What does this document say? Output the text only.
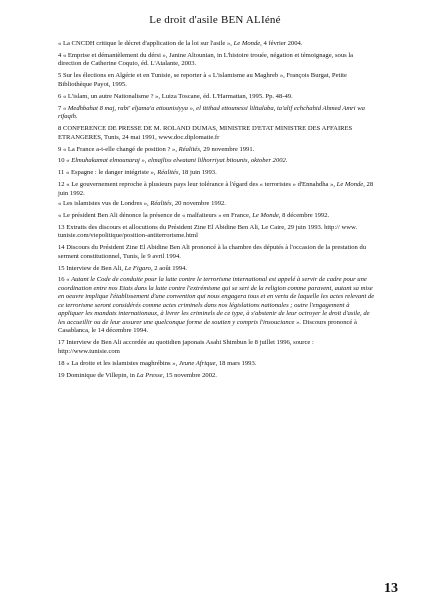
Le droit d'asile BEN ALIéné

« La CNCDH critique le décret d'application de la loi sur l'asile », Le Monde, 4 février 2004.

4 « Emprise et démantèlement du dérsi », Janine Altounian, in L'histoire trouée, négation et témoignage, sous la direction de Catherine Coquio, éd. L'Atalante, 2003.

5 Sur les élections en Algérie et en Tunisie, se reporter à « L'islamisme au Maghreb », François Burgat, Petite Bibliothèque Payot, 1995.

6 « L'islam, un autre Nationalisme ? », Luiza Toscane, éd. L'Harmattan, 1995. Pp. 48-49.

7 « Medhbahat 8 maj, rabi' eljama'a ettounisiyya », el ittihad ettounessi lilttalaba, ta'alif echchahid Ahmed Amri wa rifaqih.

8 CONFERENCE DE PRESSE DE M. ROLAND DUMAS, MINISTRE D'ETAT MINISTRE DES AFFAIRES ETRANGERES, Tunis, 24 mai 1991, www.doc.diplomatie.fr

9 « La France a-t-elle changé de position ? », Réalités, 29 novembre 1991.

10 « Elmuhakamat elmounaraj », elmajliss elwatani lilhorriyat bitounis, oktober 2002.

11 « Espagne : le danger intégriste », Réalités, 18 juin 1993.

12 « Le gouvernement reproche à plusieurs pays leur tolérance à l'égard des « terroristes » d'Ennahdha », Le Monde, 28 juin 1992.

« Les islamistes vus de Londres », Réalités, 20 novembre 1992.

« Le président Ben Ali dénonce la présence de « malfaiteurs » en France, Le Monde, 8 décembre 1992.

13 Extraits des discours et allocutions du Président Zine El Abidine Ben Ali, Le Caire, 29 juin 1993. http:// www. tunisie.com/viepolitique/position-antiterrorisme.html

14 Discours du Président Zine El Abidine Ben Ali prononcé à la chambre des députés à l'occasion de la prestation du serment constitutionnel, Tunis, le 9 avril 1994.

15 Interview de Ben Ali, Le Figaro, 2 août 1994.

16 « Autant le Code de conduite pour la lutte contre le terrorisme international est appelé à servir de cadre pour une coordination entre nos Etats dans la lutte contre l'extrémisme qui se sert de la religion comme paravent, autant sa mise en oeuvre implique l'établissement d'une convention qui nous engagera tous et en vertu de laquelle les actes relevant de ce terrorisme seront considérés comme actes criminels dans nos législations nationales ; outre l'engagement à appliquer les mandats internationaux, à livrer les criminels de ce type, à s'abstenir de leur octroyer le droit d'asile, de les accueillir ou de leur assurer une quelconque forme de soutien y compris l'insouciance ». Discours prononcé à Casablanca, le 14 décembre 1994.

17 Interview de Ben Ali accordée au quotidien japonais Asahi Shimbun le 8 juillet 1996, source : http://www.tunisie.com

18 « La droite et les islamistes maghrébins », Jeune Afrique, 18 mars 1993.

19 Dominique de Villepin, in La Presse, 15 novembre 2002.

13
